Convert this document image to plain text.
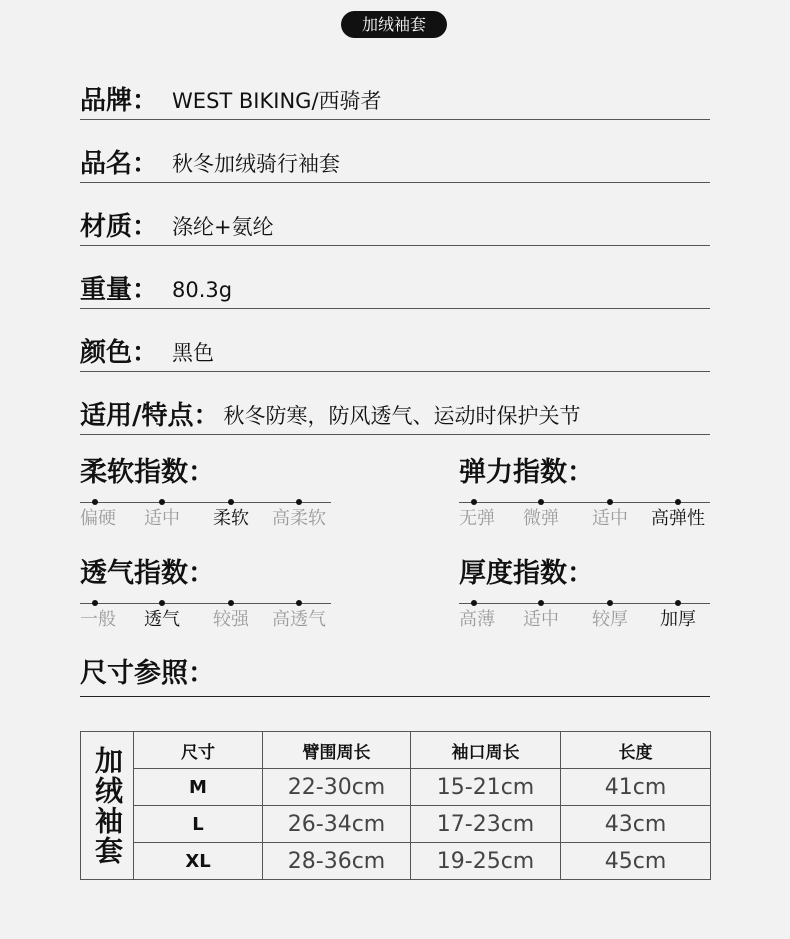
加绒袖套
品牌 ： WEST BIKING/西骑者
品名 ： 秋冬加绒骑行袖套
材质 ： 涤纶+氨纶
重量 ： 80.3g
颜色 ： 黑色
适用/特点 ： 秋冬防寒，防风透气、运动时保护关节
柔软指数：
偏硬 适中 柔软 高柔软
弹力指数：
无弹 微弹 适中 高弹性
透气指数：
一般 透气 较强 高透气
厚度指数：
高薄 适中 较厚 加厚
尺寸参照：
加绒袖套	尺寸	臂围周长	袖口周长	长度
	M	22-30cm	15-21cm	41cm
	L	26-34cm	17-23cm	43cm
	XL	28-36cm	19-25cm	45cm
